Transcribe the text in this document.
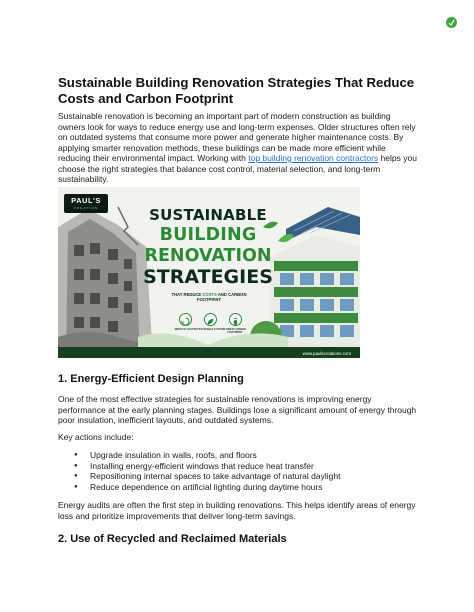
Sustainable Building Renovation Strategies That Reduce Costs and Carbon Footprint

Sustainable renovation is becoming an important part of modern construction as building owners look for ways to reduce energy use and long-term expenses. Older structures often rely on outdated systems that consume more power and generate higher maintenance costs. By applying smarter renovation methods, these buildings can be made more efficient while reducing their environmental impact. Working with top building renovation contractors helps you choose the right strategies that balance cost control, material selection, and long-term sustainability.

PAUL'S
CREATION	SUSTAINABLE
BUILDING
RENOVATION
STRATEGIES
THAT REDUCE COSTS AND CARBON FOOTPRINT
REDUCE COSTS SUSTAINABLE FUTURE LOWER CARBON FOOTPRINT
www.paulscreations.com
1. Energy-Efficient Design Planning

One of the most effective strategies for sustainable renovations is improving energy performance at the early planning stages. Buildings lose a significant amount of energy through poor insulation, inefficient layouts, and outdated systems.

Key actions include:

● Upgrade insulation in walls, roofs, and floors
● Installing energy-efficient windows that reduce heat transfer
● Repositioning internal spaces to take advantage of natural daylight
● Reduce dependence on artificial lighting during daytime hours

Energy audits are often the first step in building renovations. This helps identify areas of energy loss and prioritize improvements that deliver long-term savings.

2. Use of Recycled and Reclaimed Materials
